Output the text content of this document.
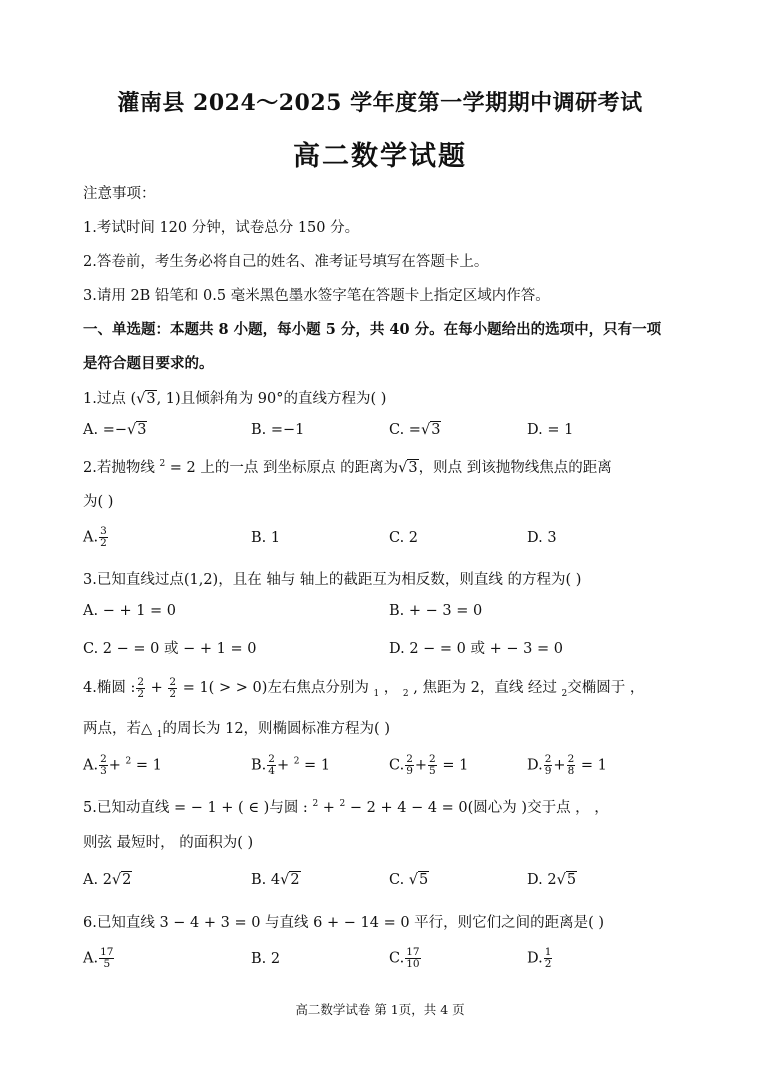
灌南县 2024～2025 学年度第一学期期中调研考试
高二数学试题
注意事项：
1.考试时间 120 分钟，试卷总分 150 分。
2.答卷前，考生务必将自己的姓名、准考证号填写在答题卡上。
3.请用 2B 铅笔和 0.5 毫米黑色墨水签字笔在答题卡上指定区域内作答。
一、单选题：本题共 8 小题，每小题 5 分，共 40 分。在每小题给出的选项中，只有一项
是符合题目要求的。
1.过点 (√3, 1)且倾斜角为 90°的直线方程为( )
A. =−√3	B. =−1	C. =√3	D. = 1
2.若抛物线 $^2$ = 2 上的一点 到坐标原点 的距离为√3，则点 到该抛物线焦点的距离
为( )
A. $\frac{3}{2}$	B. 1	C. 2	D. 3
3.已知直线过点(1,2)，且在 轴与 轴上的截距互为相反数，则直线 的方程为( )
A. − + 1 = 0	B. + − 3 = 0
C. 2 − = 0 或 − + 1 = 0	D. 2 − = 0 或 + − 3 = 0
4.椭圆 : $\frac{2}{2} + \frac{2}{2} = 1$( > > 0)左右焦点分别为 $_1$ ， $_2$ , 焦距为 2，直线 经过 $_2$交椭圆于 ，
两点，若△ $_1$的周长为 12，则椭圆标准方程为( )
A. $\frac{2}{3} + ^2 = 1$	B. $\frac{2}{4} + ^2 = 1$	C. $\frac{2}{9} + \frac{2}{5} = 1$	D. $\frac{2}{9} + \frac{2}{8} = 1$
5.已知动直线 = − 1 + ( ∈ )与圆 : $^2$ + $^2$ − 2 + 4 − 4 = 0(圆心为 )交于点 ， ，
则弦 最短时， 的面积为( )
A. 2√2	B. 4√2	C. √5	D. 2√5
6.已知直线 3 − 4 + 3 = 0 与直线 6 + − 14 = 0 平行，则它们之间的距离是( )
A. $\frac{17}{5}$	B. 2	C. $\frac{17}{10}$	D. $\frac{1}{2}$
高二数学试卷 第 1页，共 4 页
